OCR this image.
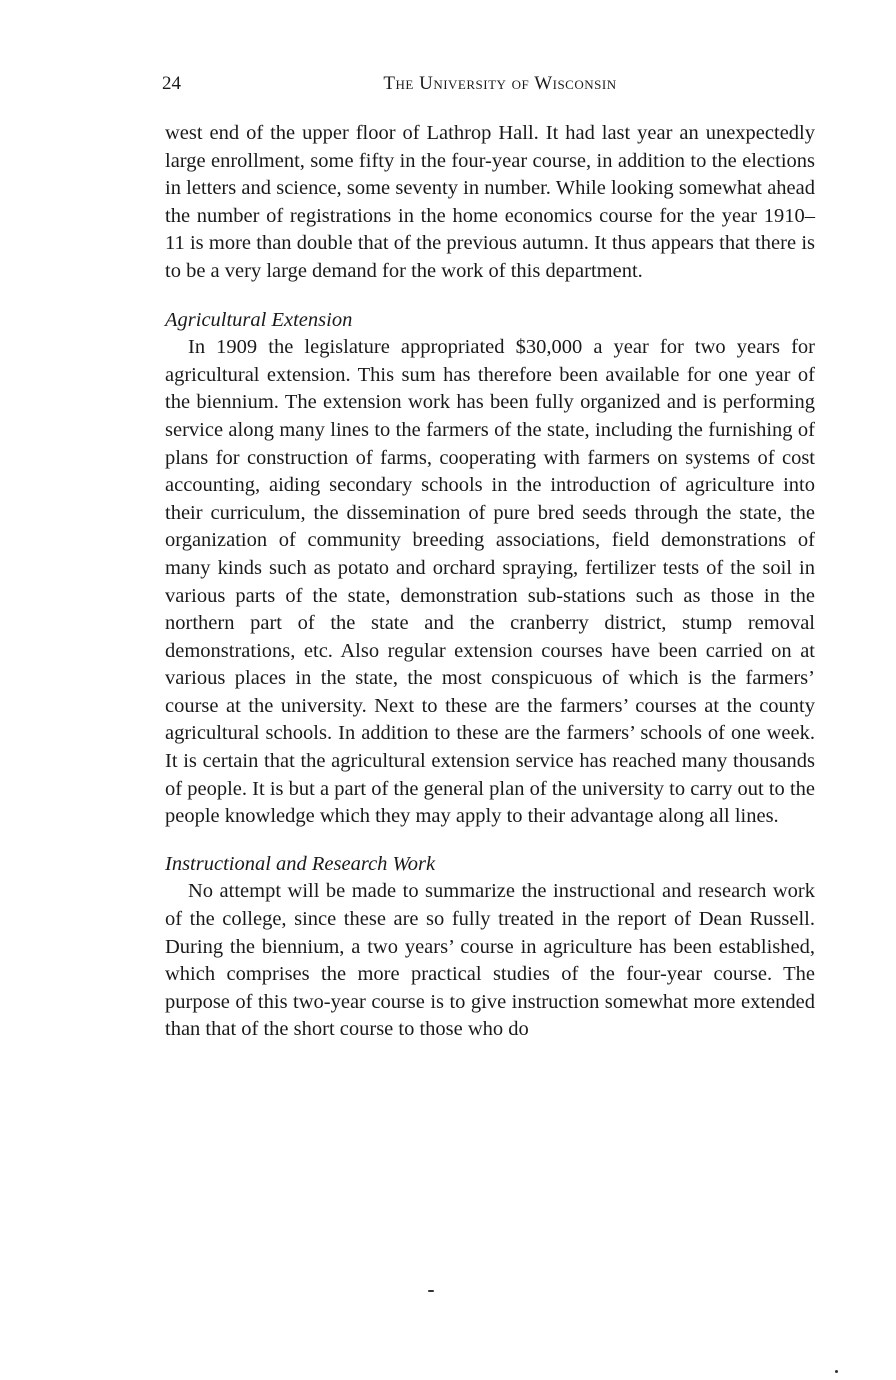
24	The University of Wisconsin

west end of the upper floor of Lathrop Hall. It had last year an unexpectedly large enrollment, some fifty in the four-year course, in addition to the elections in letters and science, some seventy in number. While looking somewhat ahead the number of registrations in the home economics course for the year 1910–11 is more than double that of the previous autumn. It thus appears that there is to be a very large demand for the work of this department.

Agricultural Extension

In 1909 the legislature appropriated $30,000 a year for two years for agricultural extension. This sum has therefore been available for one year of the biennium. The extension work has been fully organized and is performing service along many lines to the farmers of the state, including the furnishing of plans for construction of farms, cooperating with farmers on systems of cost accounting, aiding secondary schools in the introduction of agriculture into their curriculum, the dissemination of pure bred seeds through the state, the organization of community breeding associations, field demonstrations of many kinds such as potato and orchard spraying, fertilizer tests of the soil in various parts of the state, demonstration sub-stations such as those in the northern part of the state and the cranberry district, stump removal demonstrations, etc. Also regular extension courses have been carried on at various places in the state, the most conspicuous of which is the farmers’ course at the university. Next to these are the farmers’ courses at the county agricultural schools. In addition to these are the farmers’ schools of one week. It is certain that the agricultural extension service has reached many thousands of people. It is but a part of the general plan of the university to carry out to the people knowledge which they may apply to their advantage along all lines.

Instructional and Research Work

No attempt will be made to summarize the instructional and research work of the college, since these are so fully treated in the report of Dean Russell. During the biennium, a two years’ course in agriculture has been established, which comprises the more practical studies of the four-year course. The purpose of this two-year course is to give instruction somewhat more extended than that of the short course to those who do
